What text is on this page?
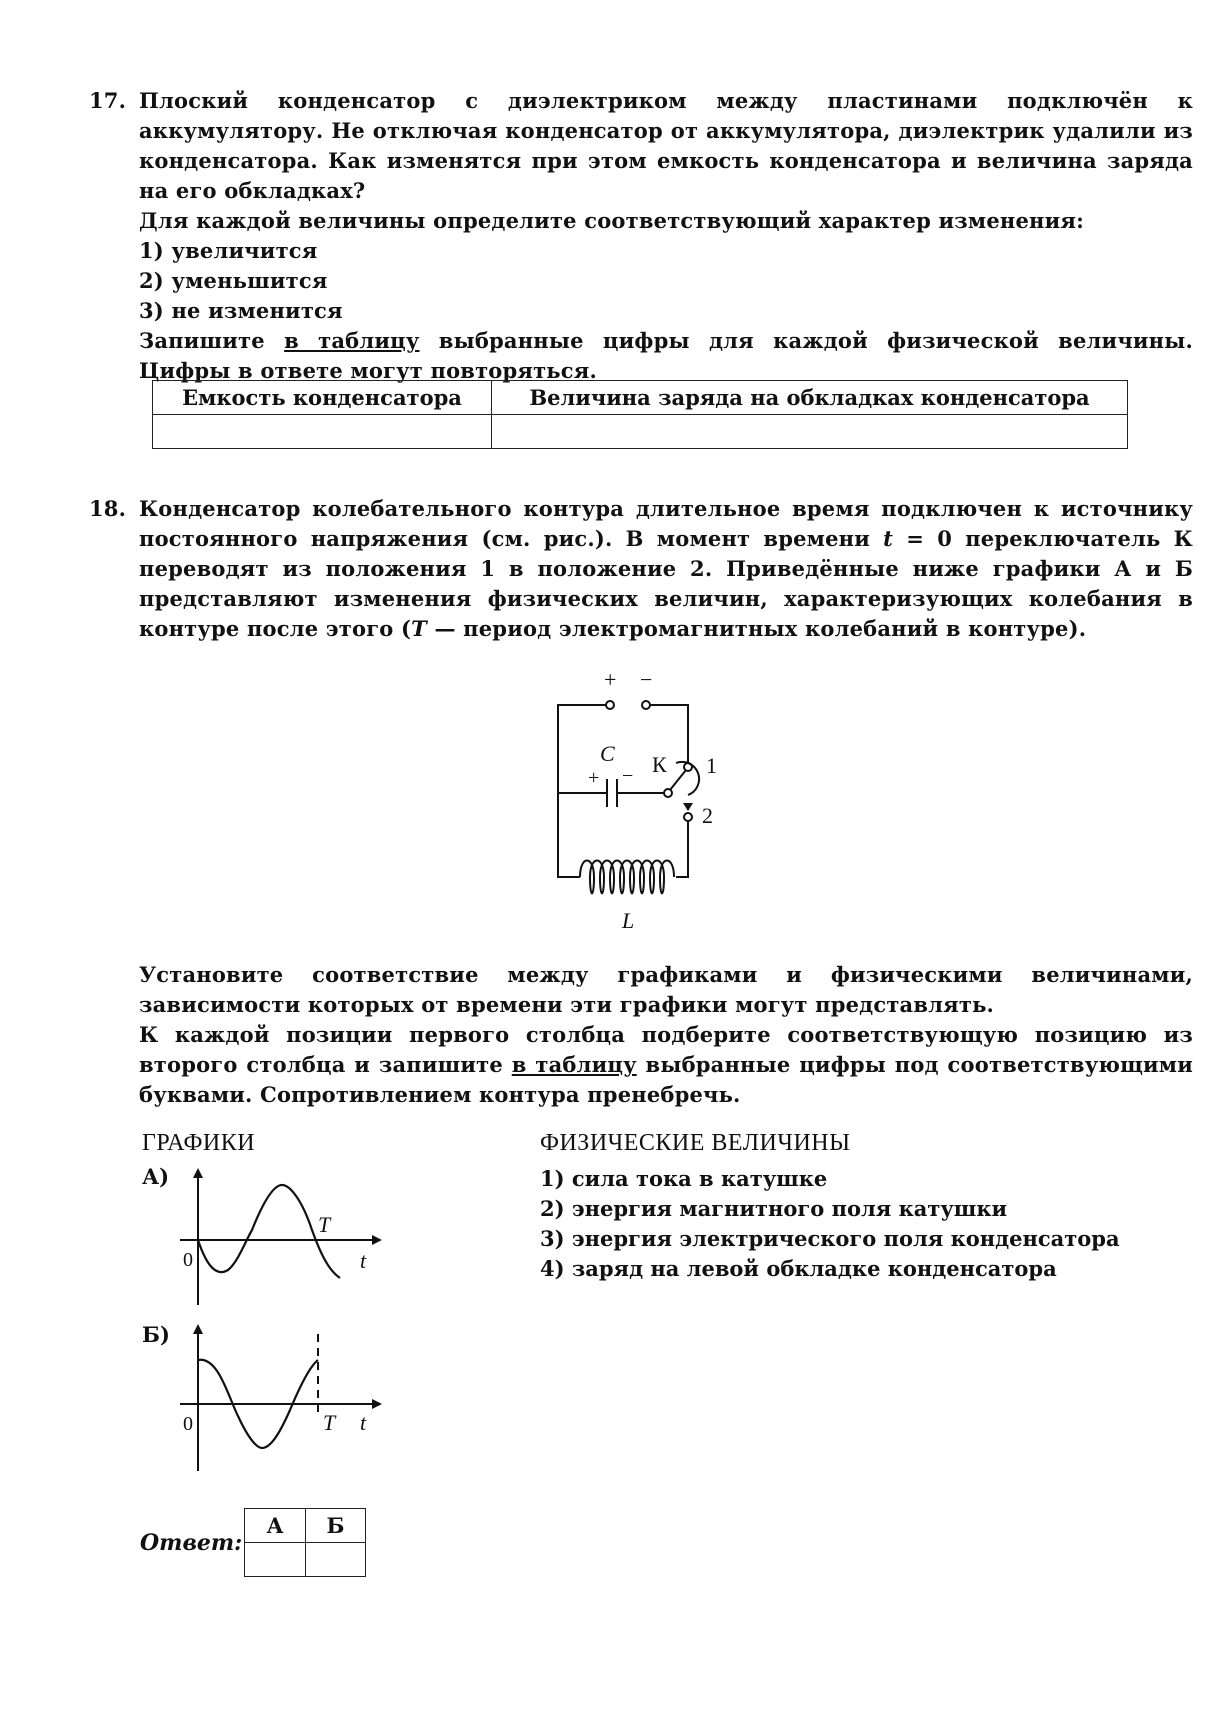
17. Плоский конденсатор с диэлектриком между пластинами подключён к аккумулятору. Не отключая конденсатор от аккумулятора, диэлектрик удалили из конденсатора. Как изменятся при этом емкость конденсатора и величина заряда на его обкладках?

Для каждой величины определите соответствующий характер изменения:

1) увеличится

2) уменьшится

3) не изменится

Запишите в таблицу выбранные цифры для каждой физической величины. Цифры в ответе могут повторяться.

Емкость конденсатора	Величина заряда на обкладках конденсатора

18. Конденсатор колебательного контура длительное время подключен к источнику постоянного напряжения (см. рис.). В момент времени t = 0 переключатель К переводят из положения 1 в положение 2. Приведённые ниже графики А и Б представляют изменения физических величин, характеризующих колебания в контуре после этого (T — период электромагнитных колебаний в контуре).

+ −
C
+ − К 1
2
L

Установите соответствие между графиками и физическими величинами, зависимости которых от времени эти графики могут представлять.

К каждой позиции первого столбца подберите соответствующую позицию из второго столбца и запишите в таблицу выбранные цифры под соответствующими буквами. Сопротивлением контура пренебречь.

ГРАФИКИ	ФИЗИЧЕСКИЕ ВЕЛИЧИНЫ
1) сила тока в катушке
2) энергия магнитного поля катушки
3) энергия электрического поля конденсатора
4) заряд на левой обкладке конденсатора
А)
0
T
t
Б)
0	T t
Ответ:
А	Б
